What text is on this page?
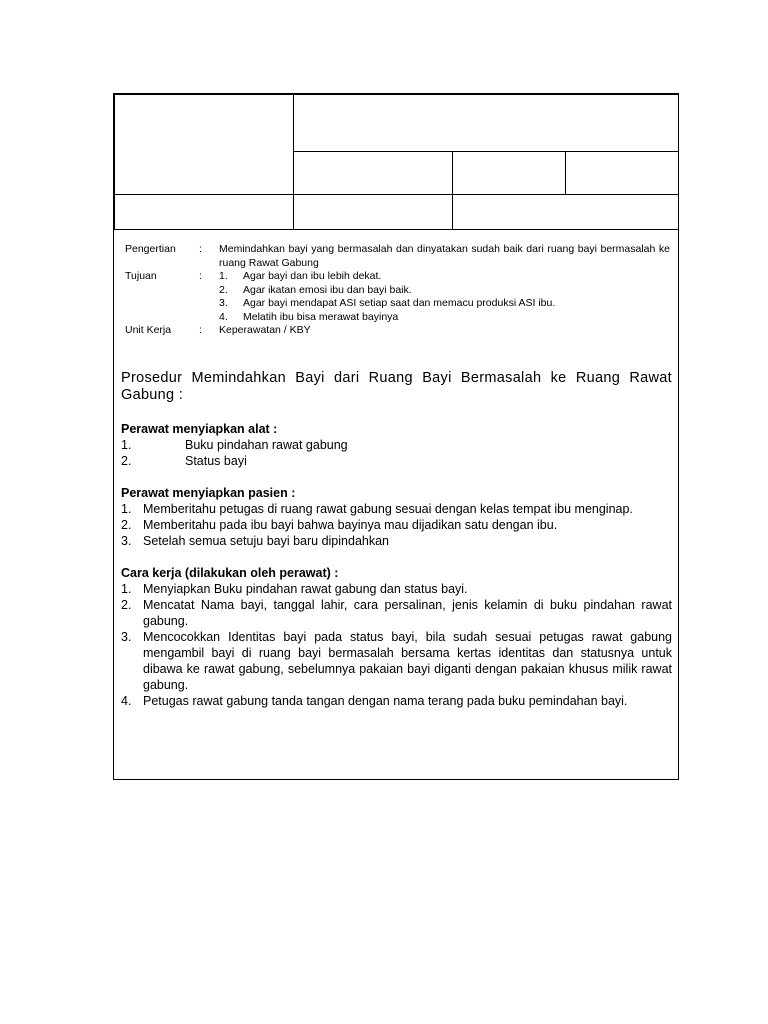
Pengertian	:	Memindahkan bayi yang bermasalah dan dinyatakan sudah baik dari ruang bayi bermasalah ke ruang Rawat Gabung
Tujuan	:	1.	Agar bayi dan ibu lebih dekat.
2.	Agar ikatan emosi ibu dan bayi baik.
3.	Agar bayi mendapat ASI setiap saat dan memacu produksi ASI ibu.
4.	Melatih ibu bisa merawat bayinya
Unit Kerja	:	Keperawatan / KBY

Prosedur Memindahkan Bayi dari Ruang Bayi Bermasalah ke Ruang Rawat Gabung :

Perawat menyiapkan alat :

1.	Buku pindahan rawat gabung
2.	Status bayi

Perawat menyiapkan pasien :

1. Memberitahu petugas di ruang rawat gabung sesuai dengan kelas tempat ibu menginap.
2. Memberitahu pada ibu bayi bahwa bayinya mau dijadikan satu dengan ibu.
3. Setelah semua setuju bayi baru dipindahkan

Cara kerja (dilakukan oleh perawat) :

1. Menyiapkan Buku pindahan rawat gabung dan status bayi.
2. Mencatat Nama bayi, tanggal lahir, cara persalinan, jenis kelamin di buku pindahan rawat gabung.
3. Mencocokkan Identitas bayi pada status bayi, bila sudah sesuai petugas rawat gabung mengambil bayi di ruang bayi bermasalah bersama kertas identitas dan statusnya untuk dibawa ke rawat gabung, sebelumnya pakaian bayi diganti dengan pakaian khusus milik rawat gabung.
4. Petugas rawat gabung tanda tangan dengan nama terang pada buku pemindahan bayi.
